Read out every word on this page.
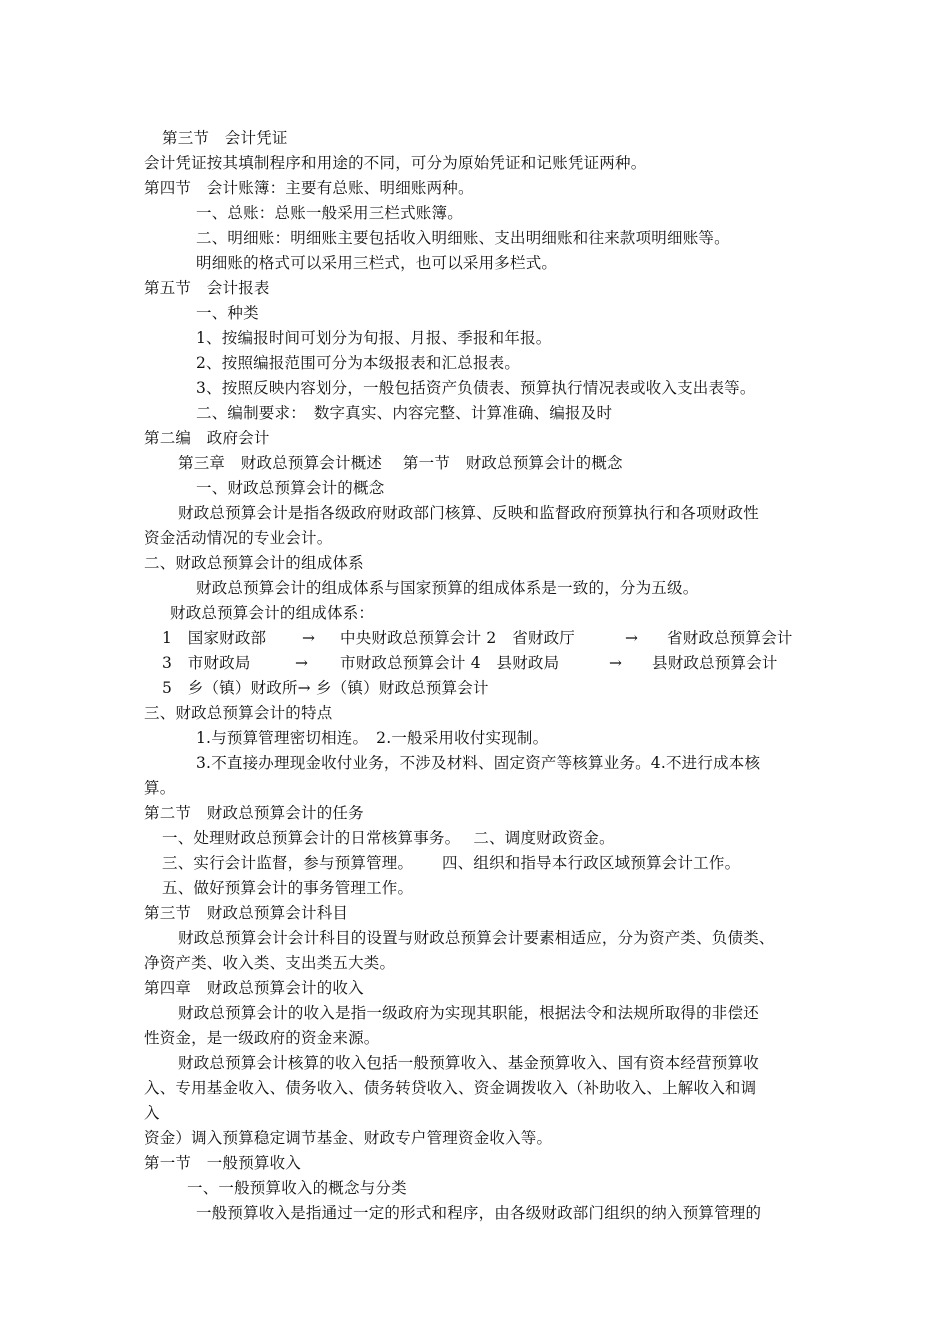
第三节　会计凭证
会计凭证按其填制程序和用途的不同，可分为原始凭证和记账凭证两种。
第四节　会计账簿：主要有总账、明细账两种。
一、总账：总账一般采用三栏式账簿。
二、明细账：明细账主要包括收入明细账、支出明细账和往来款项明细账等。
明细账的格式可以采用三栏式，也可以采用多栏式。
第五节　会计报表
一、种类
1、按编报时间可划分为旬报、月报、季报和年报。
2、按照编报范围可分为本级报表和汇总报表。
3、按照反映内容划分，一般包括资产负债表、预算执行情况表或收入支出表等。
二、编制要求：　数字真实、内容完整、计算准确、编报及时
第二编　政府会计
第三章　财政总预算会计概述　 第一节　财政总预算会计的概念
一、财政总预算会计的概念
财政总预算会计是指各级政府财政部门核算、反映和监督政府预算执行和各项财政性
资金活动情况的专业会计。
二、财政总预算会计的组成体系
财政总预算会计的组成体系与国家预算的组成体系是一致的，分为五级。
财政总预算会计的组成体系：
1　国家财政部 → 中央财政总预算会计 2　省财政厅	→ 省财政总预算会计
3　市财政局	→ 市财政总预算会计 4　县财政局	→ 县财政总预算会计
5　乡（镇）财政所→ 乡（镇）财政总预算会计
三、财政总预算会计的特点
1.与预算管理密切相连。　2.一般采用收付实现制。
3.不直接办理现金收付业务，不涉及材料、固定资产等核算业务。4.不进行成本核
算。
第二节　财政总预算会计的任务
一、处理财政总预算会计的日常核算事务。　 二、调度财政资金。
三、实行会计监督，参与预算管理。　　 四、组织和指导本行政区域预算会计工作。
五、做好预算会计的事务管理工作。
第三节　财政总预算会计科目
财政总预算会计会计科目的设置与财政总预算会计要素相适应，分为资产类、负债类、
净资产类、收入类、支出类五大类。
第四章　财政总预算会计的收入
财政总预算会计的收入是指一级政府为实现其职能，根据法令和法规所取得的非偿还
性资金，是一级政府的资金来源。
财政总预算会计核算的收入包括一般预算收入、基金预算收入、国有资本经营预算收
入、专用基金收入、债务收入、债务转贷收入、资金调拨收入（补助收入、上解收入和调
入
资金）调入预算稳定调节基金、财政专户管理资金收入等。
第一节　一般预算收入
一、一般预算收入的概念与分类
一般预算收入是指通过一定的形式和程序，由各级财政部门组织的纳入预算管理的
